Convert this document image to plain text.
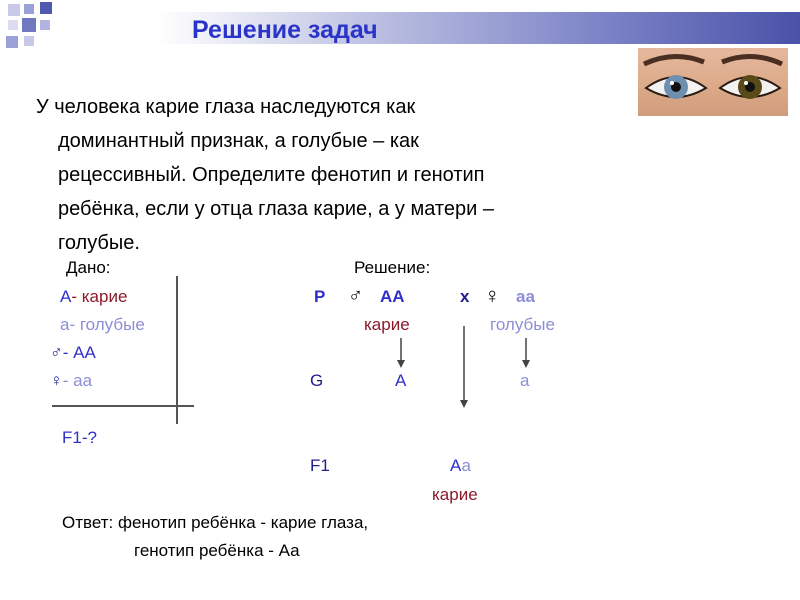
Решение задач
У человека карие глаза наследуются как
доминантный признак, а голубые – как
рецессивный. Определите фенотип и генотип
ребёнка, если у отца глаза карие, а у матери –
голубые.
Дано:
А- карие
а- голубые
♂- АА
♀- аа
F1-?
Решение:
Р ♂ АА	х ♀ аа
карие	голубые
G	А	а
F1	Аа
карие
Ответ: фенотип ребёнка - карие глаза,
генотип ребёнка - Аа
